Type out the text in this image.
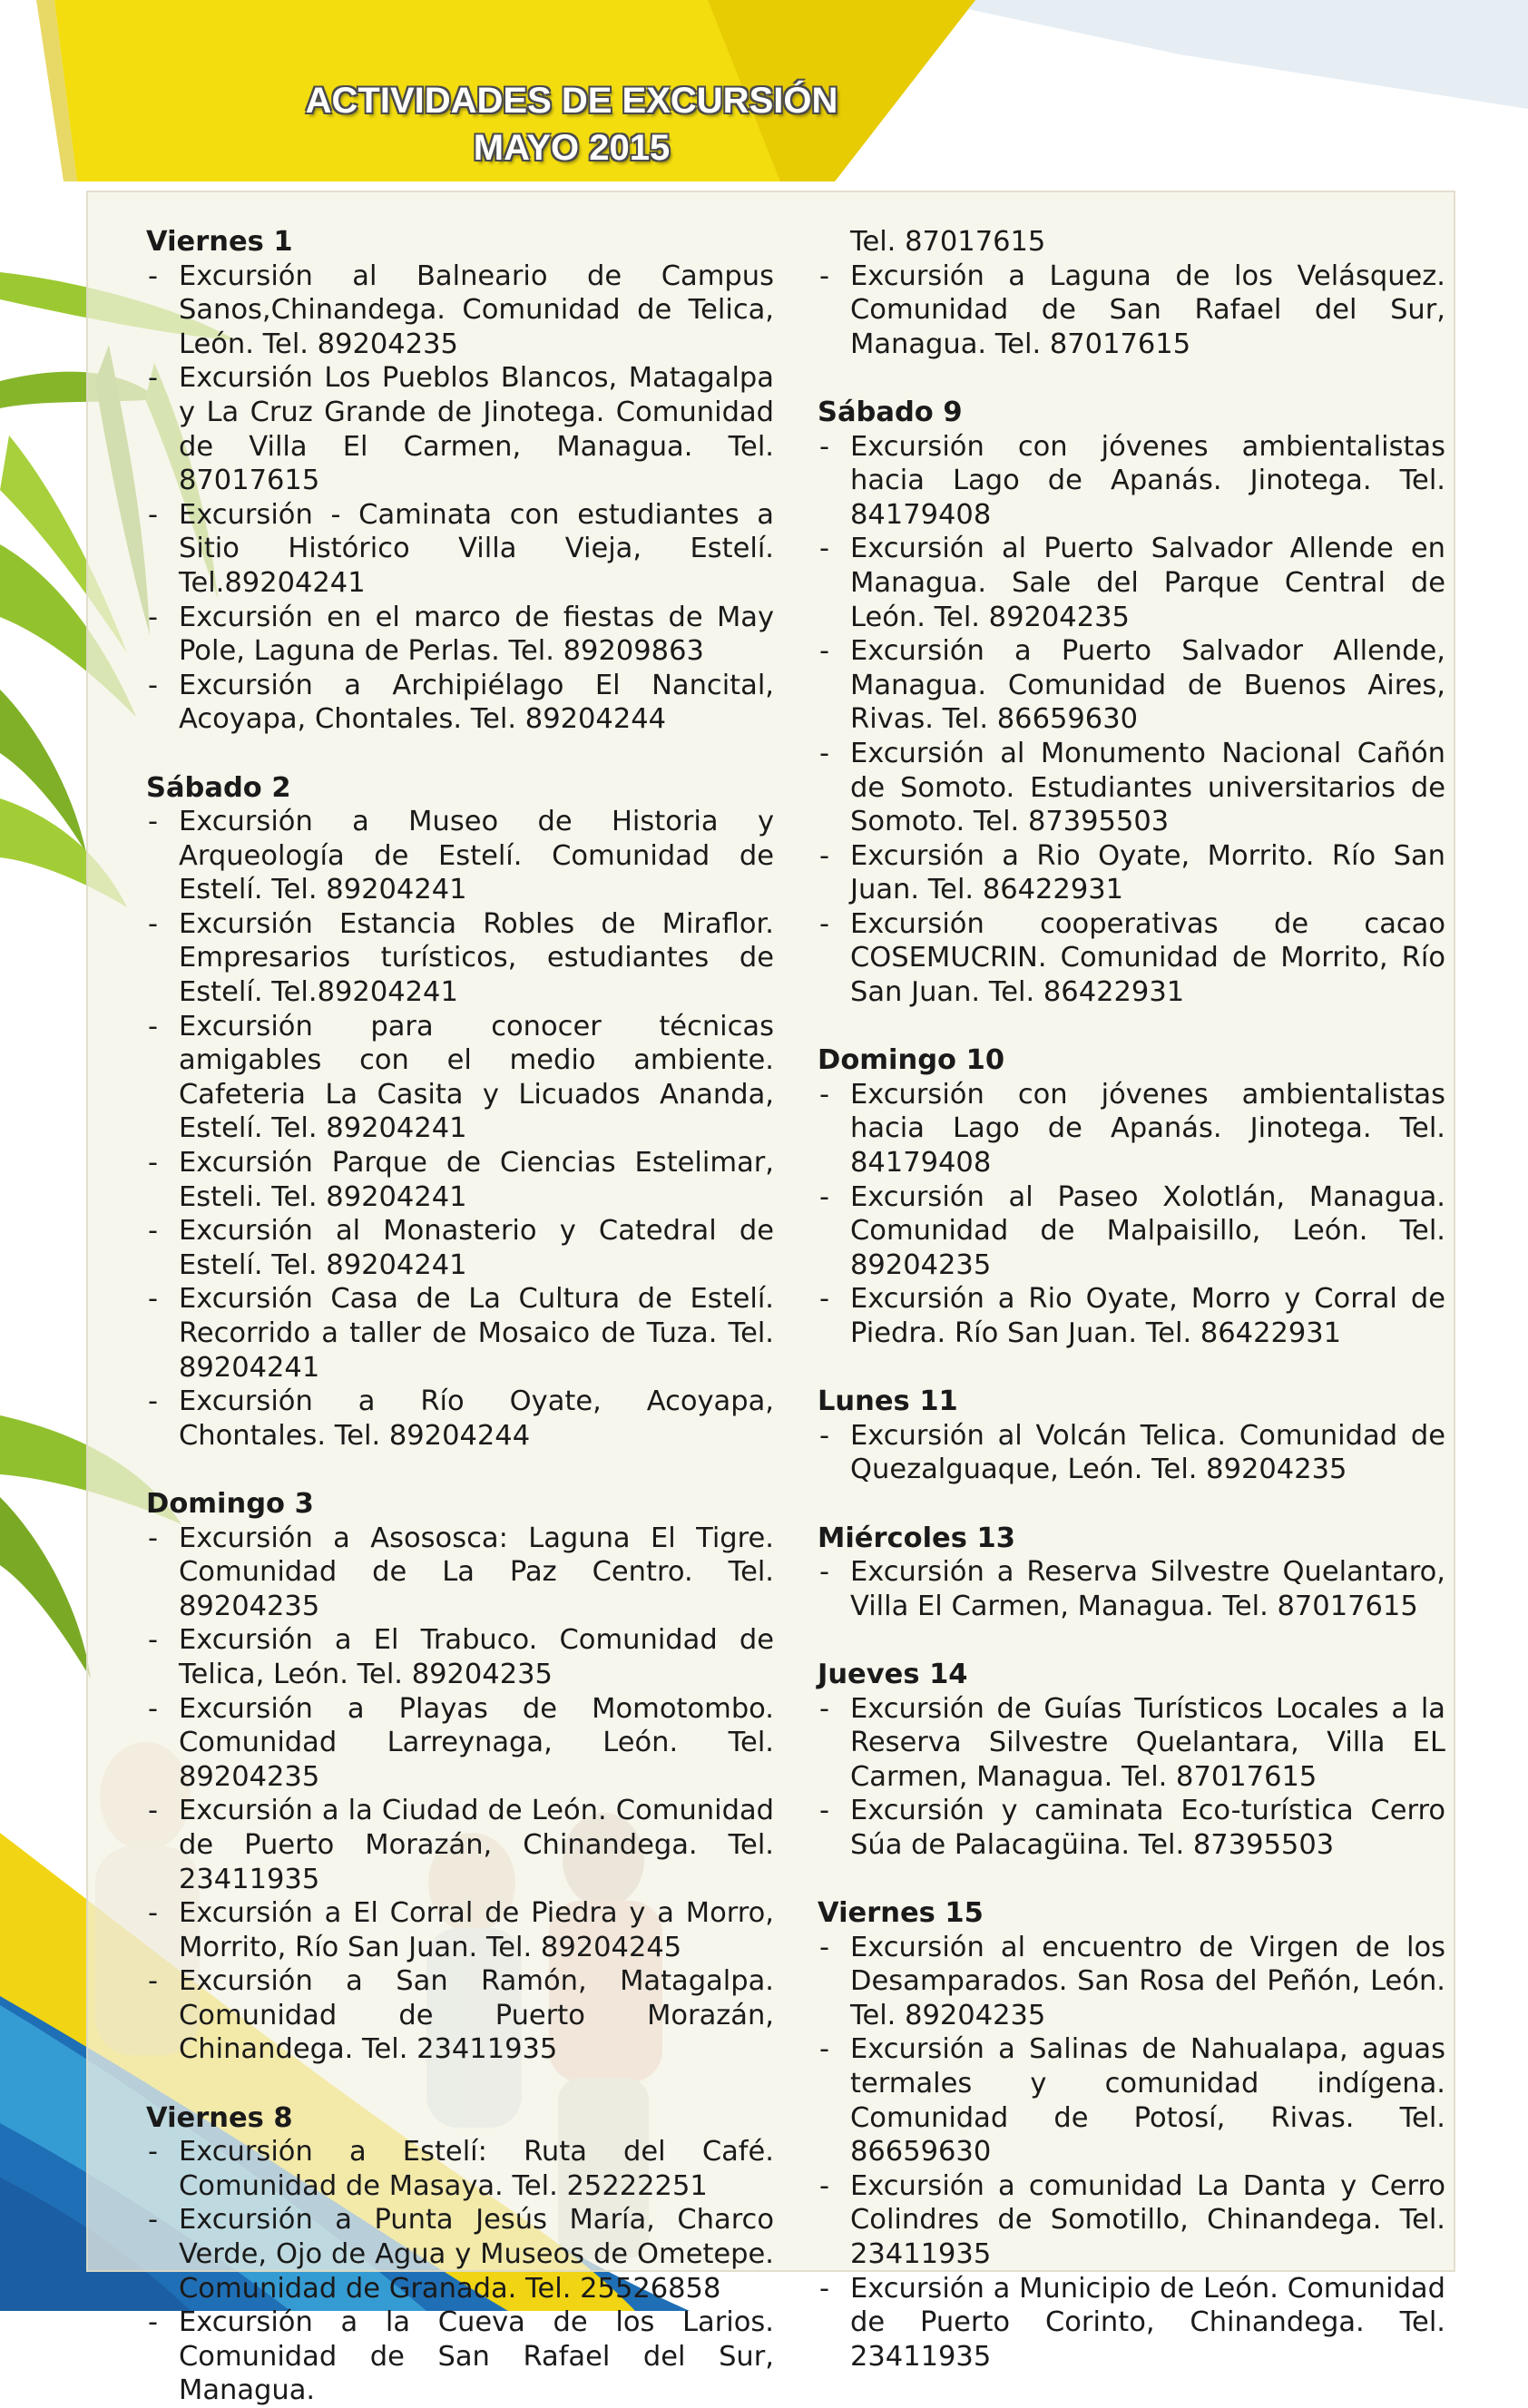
ACTIVIDADES DE EXCURSIÓN
MAYO 2015

Viernes 1

- Excursión al Balneario de Campus Sanos,Chinandega. Comunidad de Telica, León. Tel. 89204235
- Excursión Los Pueblos Blancos, Matagalpa y La Cruz Grande de Jinotega. Comunidad de Villa El Carmen, Managua. Tel. 87017615
- Excursión - Caminata con estudiantes a Sitio Histórico Villa Vieja, Estelí. Tel.89204241
- Excursión en el marco de fiestas de May Pole, Laguna de Perlas. Tel. 89209863
- Excursión a Archipiélago El Nancital, Acoyapa, Chontales. Tel. 89204244

Sábado 2

- Excursión a Museo de Historia y Arqueología de Estelí. Comunidad de Estelí. Tel. 89204241
- Excursión Estancia Robles de Miraflor. Empresarios turísticos, estudiantes de Estelí. Tel.89204241
- Excursión para conocer técnicas amigables con el medio ambiente. Cafeteria La Casita y Licuados Ananda, Estelí. Tel. 89204241
- Excursión Parque de Ciencias Estelimar, Esteli. Tel. 89204241
- Excursión al Monasterio y Catedral de Estelí. Tel. 89204241
- Excursión Casa de La Cultura de Estelí. Recorrido a taller de Mosaico de Tuza. Tel. 89204241
- Excursión a Río Oyate, Acoyapa, Chontales. Tel. 89204244

Domingo 3

- Excursión a Asososca: Laguna El Tigre. Comunidad de La Paz Centro. Tel. 89204235
- Excursión a El Trabuco. Comunidad de Telica, León. Tel. 89204235
- Excursión a Playas de Momotombo. Comunidad Larreynaga, León. Tel. 89204235
- Excursión a la Ciudad de León. Comunidad de Puerto Morazán, Chinandega. Tel. 23411935
- Excursión a El Corral de Piedra y a Morro, Morrito, Río San Juan. Tel. 89204245
- Excursión a San Ramón, Matagalpa. Comunidad de Puerto Morazán, Chinandega. Tel. 23411935

Viernes 8

- Excursión a Estelí: Ruta del Café. Comunidad de Masaya. Tel. 25222251
- Excursión a Punta Jesús María, Charco Verde, Ojo de Agua y Museos de Ometepe. Comunidad de Granada. Tel. 25526858
- Excursión a la Cueva de los Larios. Comunidad de San Rafael del Sur, Managua.

Tel. 87017615

- Excursión a Laguna de los Velásquez. Comunidad de San Rafael del Sur, Managua. Tel. 87017615

Sábado 9

- Excursión con jóvenes ambientalistas hacia Lago de Apanás. Jinotega. Tel. 84179408
- Excursión al Puerto Salvador Allende en Managua. Sale del Parque Central de León. Tel. 89204235
- Excursión a Puerto Salvador Allende, Managua. Comunidad de Buenos Aires, Rivas. Tel. 86659630
- Excursión al Monumento Nacional Cañón de Somoto. Estudiantes universitarios de Somoto. Tel. 87395503
- Excursión a Rio Oyate, Morrito. Río San Juan. Tel. 86422931
- Excursión cooperativas de cacao COSEMUCRIN. Comunidad de Morrito, Río San Juan. Tel. 86422931

Domingo 10

- Excursión con jóvenes ambientalistas hacia Lago de Apanás. Jinotega. Tel. 84179408
- Excursión al Paseo Xolotlán, Managua. Comunidad de Malpaisillo, León. Tel. 89204235
- Excursión a Rio Oyate, Morro y Corral de Piedra. Río San Juan. Tel. 86422931

Lunes 11

- Excursión al Volcán Telica. Comunidad de Quezalguaque, León. Tel. 89204235

Miércoles 13

- Excursión a Reserva Silvestre Quelantaro, Villa El Carmen, Managua. Tel. 87017615

Jueves 14

- Excursión de Guías Turísticos Locales a la Reserva Silvestre Quelantara, Villa EL Carmen, Managua. Tel. 87017615
- Excursión y caminata Eco-turística Cerro Súa de Palacagüina. Tel. 87395503

Viernes 15

- Excursión al encuentro de Virgen de los Desamparados. San Rosa del Peñón, León. Tel. 89204235
- Excursión a Salinas de Nahualapa, aguas termales y comunidad indígena. Comunidad de Potosí, Rivas. Tel. 86659630
- Excursión a comunidad La Danta y Cerro Colindres de Somotillo, Chinandega. Tel. 23411935
- Excursión a Municipio de León. Comunidad de Puerto Corinto, Chinandega. Tel. 23411935
